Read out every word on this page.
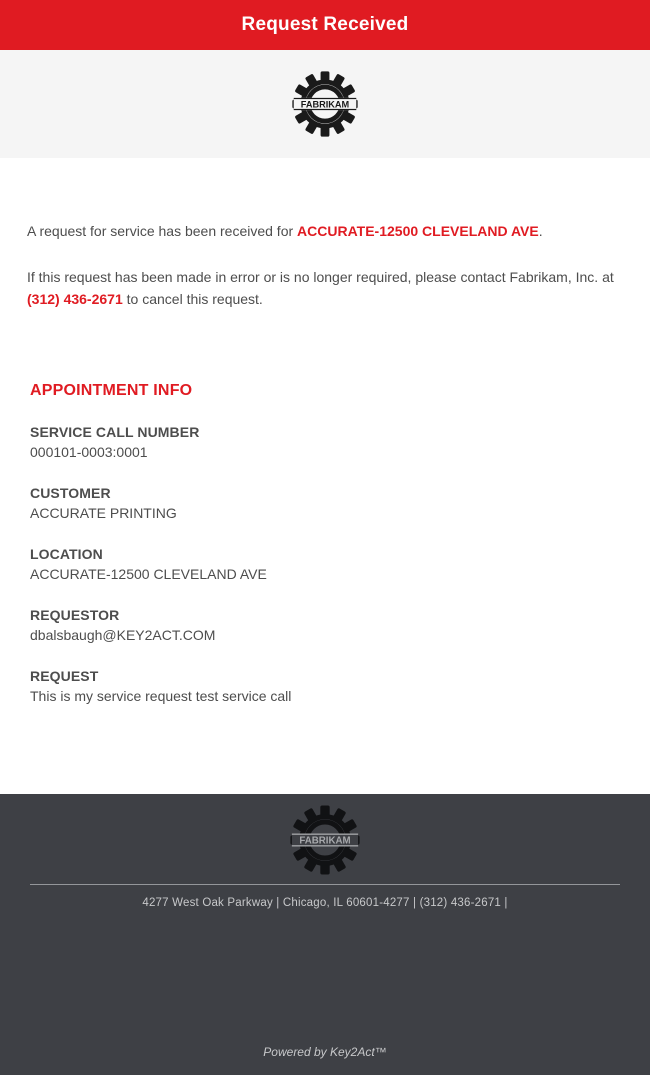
Request Received
FABRIKAM

A request for service has been received for ACCURATE-12500 CLEVELAND AVE.

If this request has been made in error or is no longer required, please contact Fabrikam, Inc. at (312) 436-2671 to cancel this request.

APPOINTMENT INFO
SERVICE CALL NUMBER
000101-0003:0001
CUSTOMER
ACCURATE PRINTING
LOCATION
ACCURATE-12500 CLEVELAND AVE
REQUESTOR
dbalsbaugh@KEY2ACT.COM
REQUEST
This is my service request test service call
FABRIKAM
4277 West Oak Parkway | Chicago, IL 60601-4277 | (312) 436-2671 |
Powered by Key2Act™
